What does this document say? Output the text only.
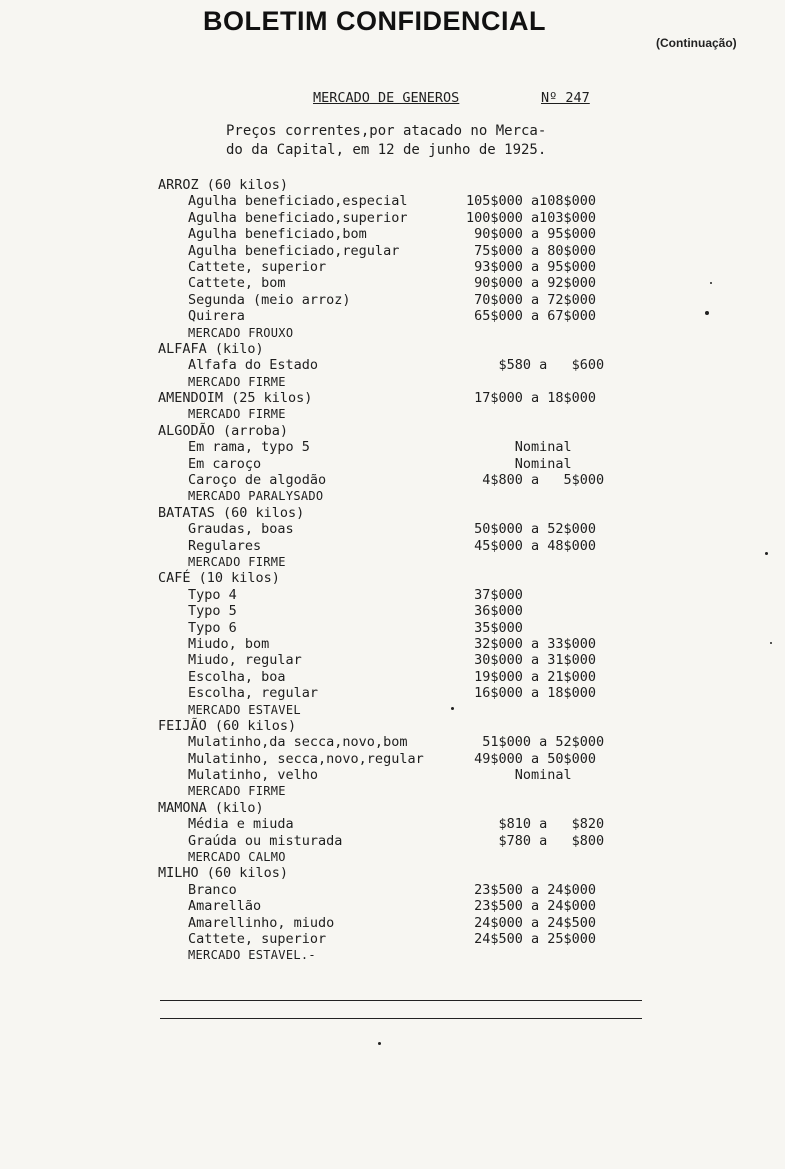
BOLETIM CONFIDENCIAL
(Continuação)
MERCADO DE GENEROS	Nº 247
Preços correntes,por atacado no Merca-
do da Capital, em 12 de junho de 1925.
ARROZ (60 kilos)
Agulha beneficiado,especial	105$000 a108$000
Agulha beneficiado,superior	100$000 a103$000
Agulha beneficiado,bom	90$000 a 95$000
Agulha beneficiado,regular	75$000 a 80$000
Cattete, superior	93$000 a 95$000
Cattete, bom	90$000 a 92$000
Segunda (meio arroz)	70$000 a 72$000
Quirera	65$000 a 67$000
MERCADO FROUXO
ALFAFA (kilo)
Alfafa do Estado	$580 a   $600
MERCADO FIRME
AMENDOIM (25 kilos)	17$000 a 18$000
MERCADO FIRME
ALGODÃO (arroba)
Em rama, typo 5	Nominal
Em caroço	Nominal
Caroço de algodão	4$800 a   5$000
MERCADO PARALYSADO
BATATAS (60 kilos)
Graudas, boas	50$000 a 52$000
Regulares	45$000 a 48$000
MERCADO FIRME
CAFÉ (10 kilos)
Typo 4	37$000
Typo 5	36$000
Typo 6	35$000
Miudo, bom	32$000 a 33$000
Miudo, regular	30$000 a 31$000
Escolha, boa	19$000 a 21$000
Escolha, regular	16$000 a 18$000
MERCADO ESTAVEL
FEIJÃO (60 kilos)
Mulatinho,da secca,novo,bom	51$000 a 52$000
Mulatinho, secca,novo,regular	49$000 a 50$000
Mulatinho, velho	Nominal
MERCADO FIRME
MAMONA (kilo)
Média e miuda	$810 a   $820
Graúda ou misturada	$780 a   $800
MERCADO CALMO
MILHO (60 kilos)
Branco	23$500 a 24$000
Amarellão	23$500 a 24$000
Amarellinho, miudo	24$000 a 24$500
Cattete, superior	24$500 a 25$000
MERCADO ESTAVEL.-
